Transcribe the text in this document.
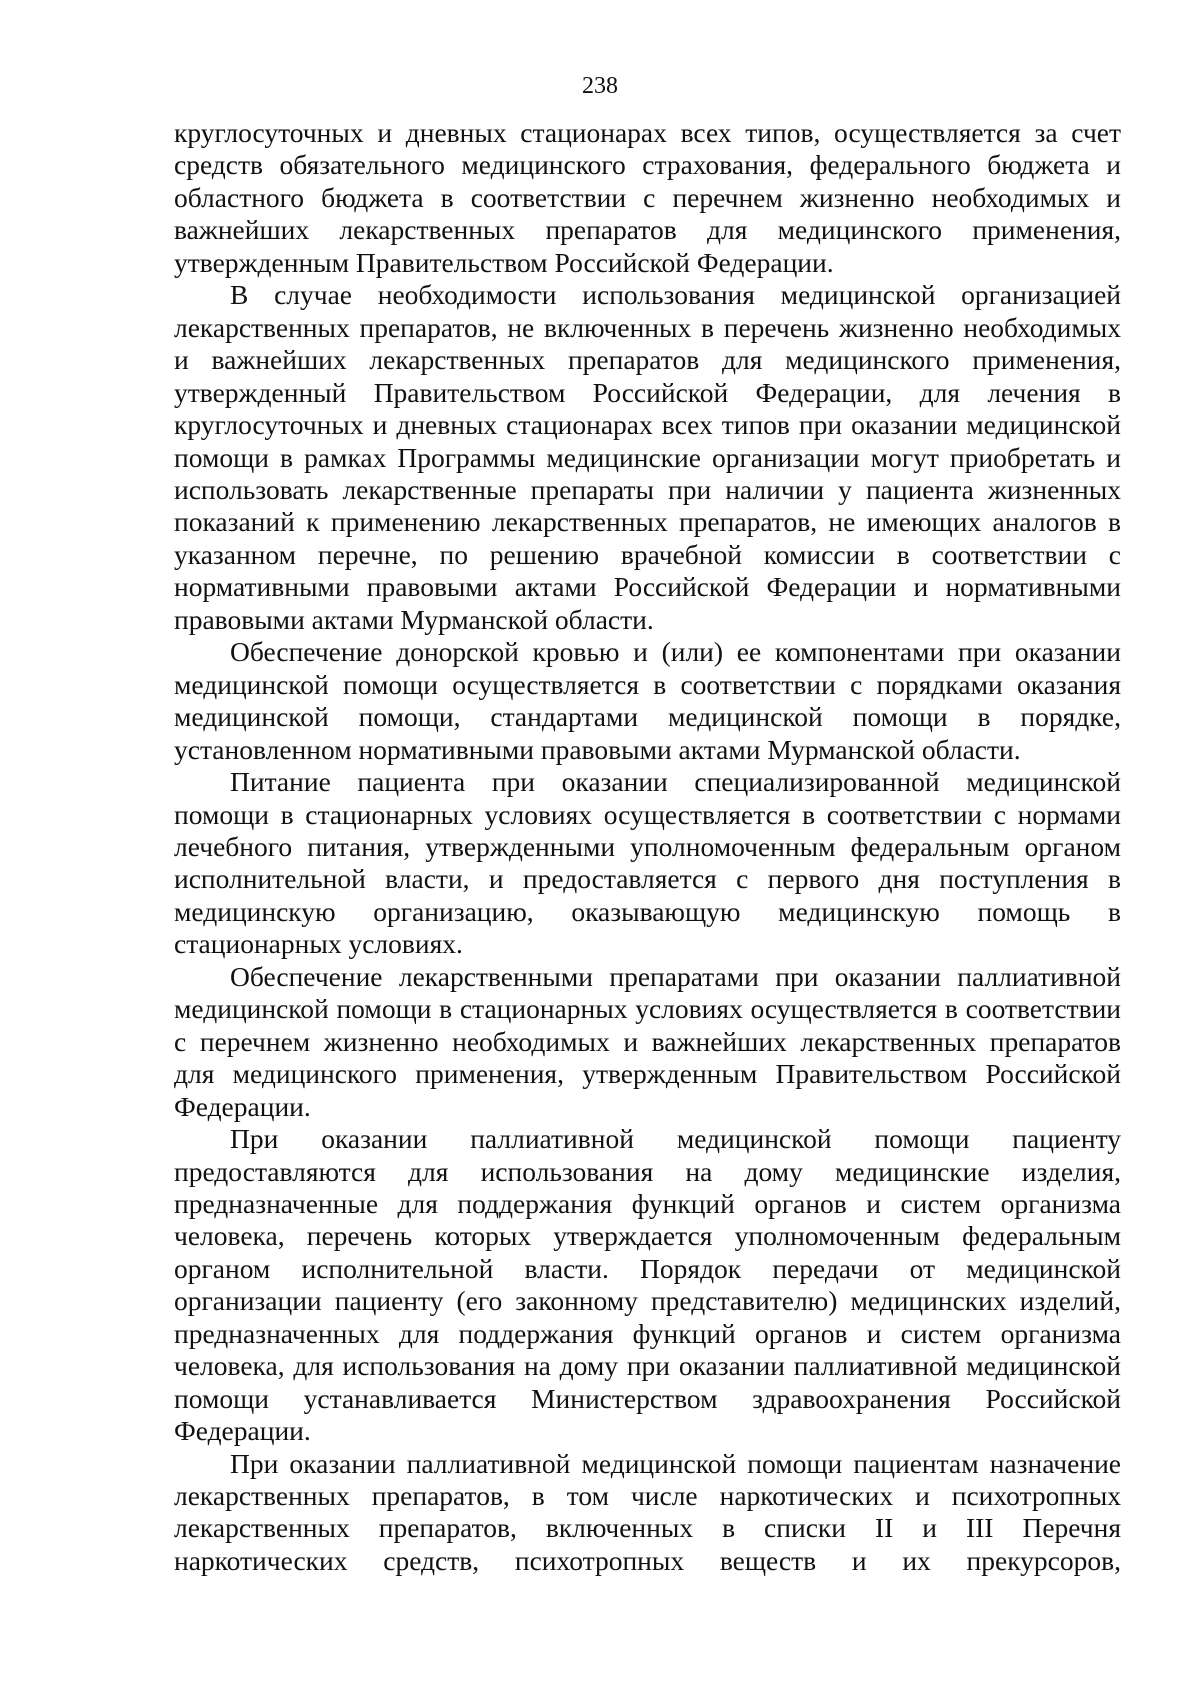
238

круглосуточных и дневных стационарах всех типов, осуществляется за счет средств обязательного медицинского страхования, федерального бюджета и областного бюджета в соответствии с перечнем жизненно необходимых и важнейших лекарственных препаратов для медицинского применения, утвержденным Правительством Российской Федерации.

В случае необходимости использования медицинской организацией лекарственных препаратов, не включенных в перечень жизненно необходимых и важнейших лекарственных препаратов для медицинского применения, утвержденный Правительством Российской Федерации, для лечения в круглосуточных и дневных стационарах всех типов при оказании медицинской помощи в рамках Программы медицинские организации могут приобретать и использовать лекарственные препараты при наличии у пациента жизненных показаний к применению лекарственных препаратов, не имеющих аналогов в указанном перечне, по решению врачебной комиссии в соответствии с нормативными правовыми актами Российской Федерации и нормативными правовыми актами Мурманской области.

Обеспечение донорской кровью и (или) ее компонентами при оказании медицинской помощи осуществляется в соответствии с порядками оказания медицинской помощи, стандартами медицинской помощи в порядке, установленном нормативными правовыми актами Мурманской области.

Питание пациента при оказании специализированной медицинской помощи в стационарных условиях осуществляется в соответствии с нормами лечебного питания, утвержденными уполномоченным федеральным органом исполнительной власти, и предоставляется с первого дня поступления в медицинскую организацию, оказывающую медицинскую помощь в стационарных условиях.

Обеспечение лекарственными препаратами при оказании паллиативной медицинской помощи в стационарных условиях осуществляется в соответствии с перечнем жизненно необходимых и важнейших лекарственных препаратов для медицинского применения, утвержденным Правительством Российской Федерации.

При оказании паллиативной медицинской помощи пациенту предоставляются для использования на дому медицинские изделия, предназначенные для поддержания функций органов и систем организма человека, перечень которых утверждается уполномоченным федеральным органом исполнительной власти. Порядок передачи от медицинской организации пациенту (его законному представителю) медицинских изделий, предназначенных для поддержания функций органов и систем организма человека, для использования на дому при оказании паллиативной медицинской помощи устанавливается Министерством здравоохранения Российской Федерации.

При оказании паллиативной медицинской помощи пациентам назначение лекарственных препаратов, в том числе наркотических и психотропных лекарственных препаратов, включенных в списки II и III Перечня наркотических средств, психотропных веществ и их прекурсоров,
